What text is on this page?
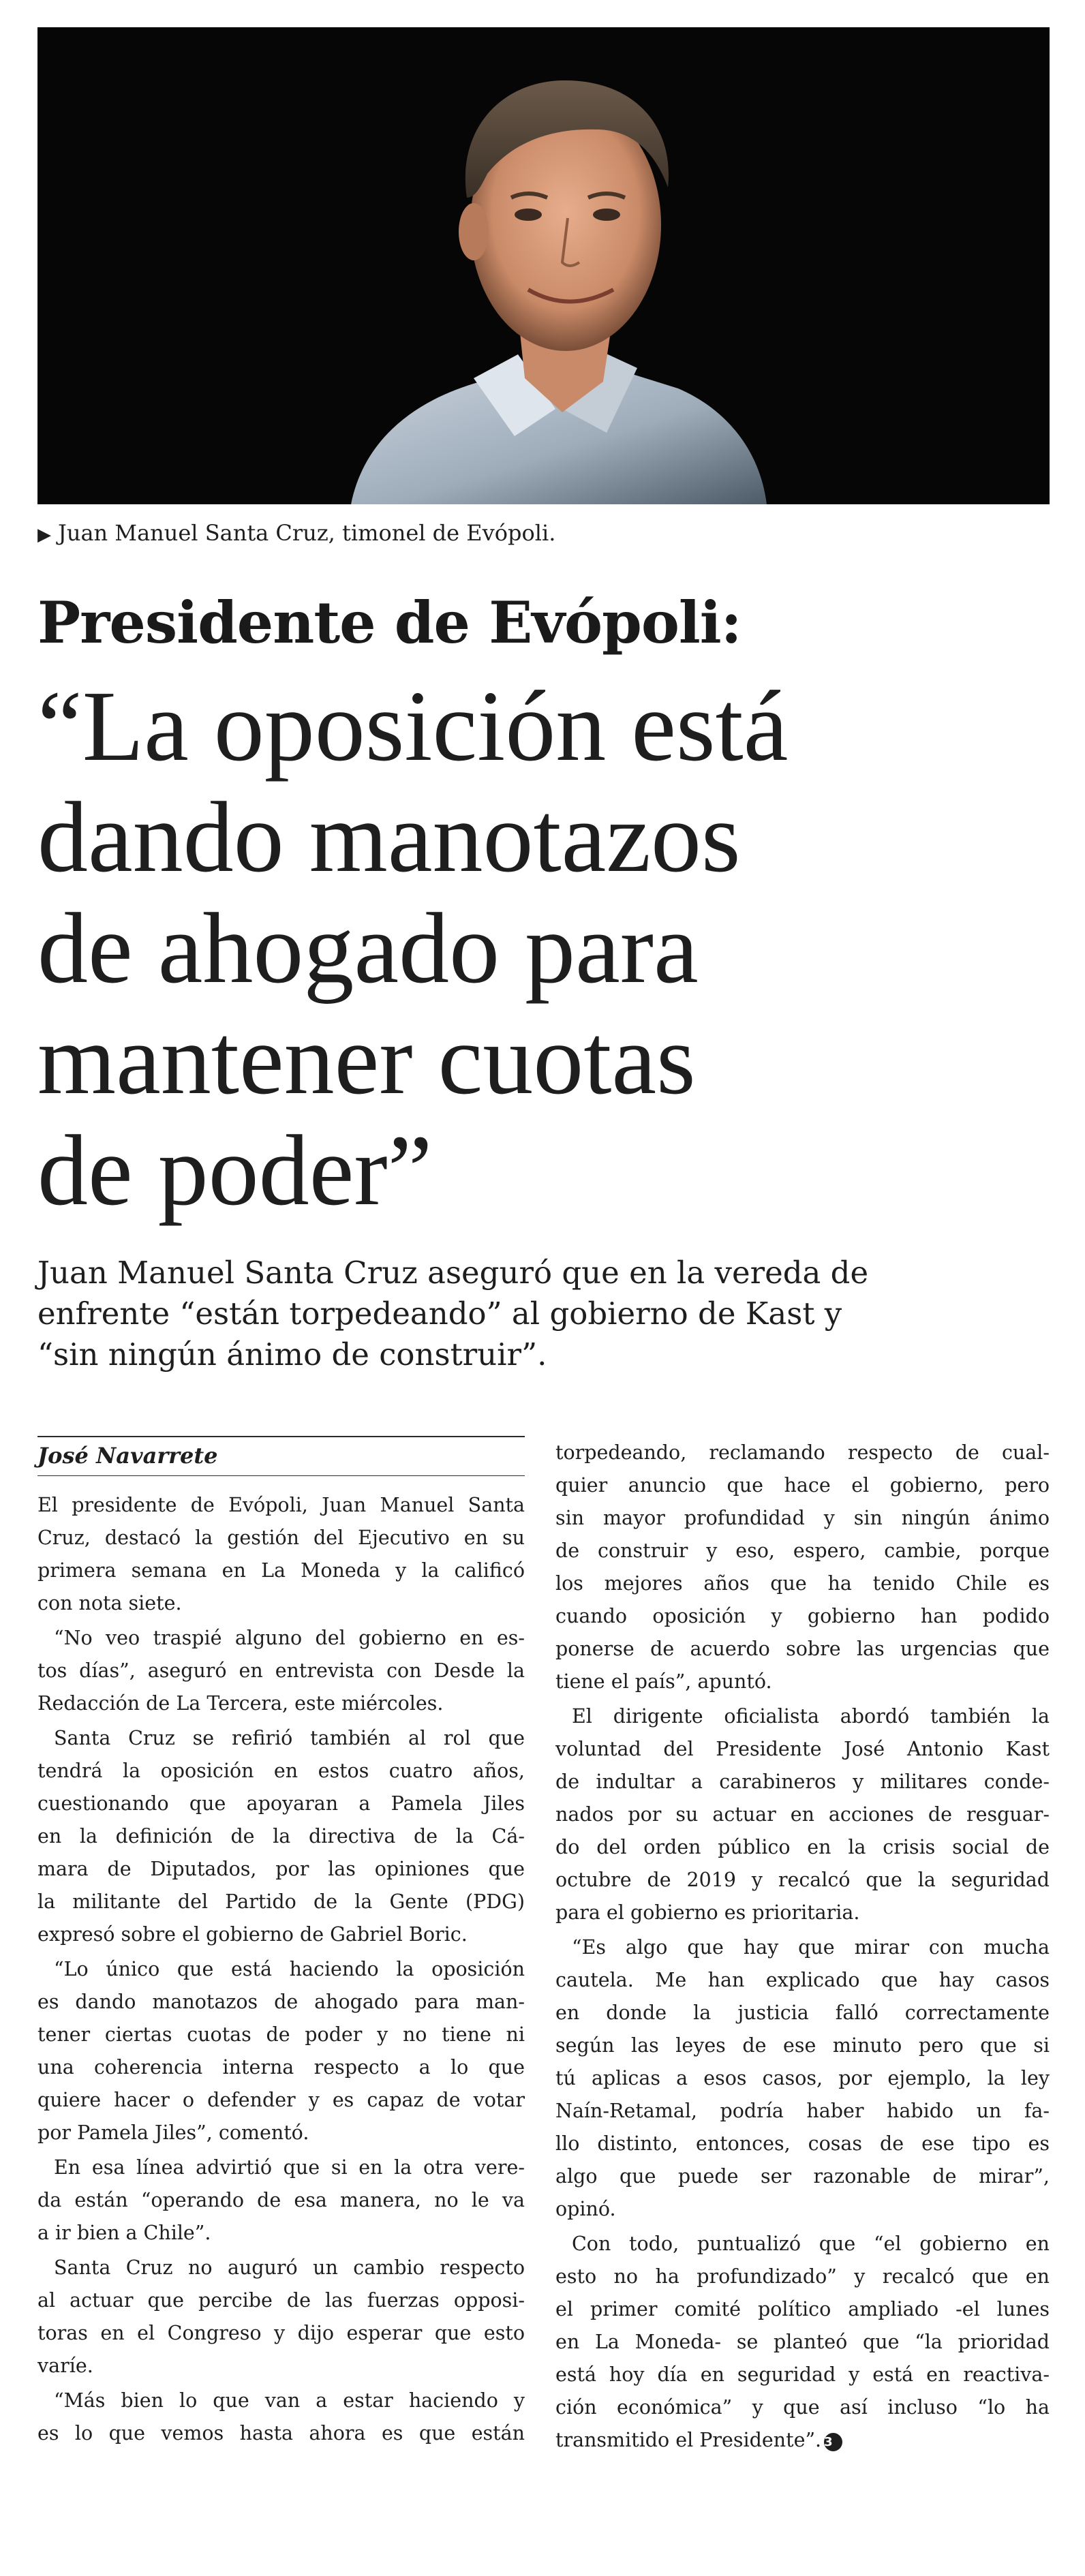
▶ Juan Manuel Santa Cruz, timonel de Evópoli.
Presidente de Evópoli:
“La oposición está
dando manotazos
de ahogado para
mantener cuotas
de poder”
Juan Manuel Santa Cruz aseguró que en la vereda de
enfrente “están torpedeando” al gobierno de Kast y
“sin ningún ánimo de construir”.
José Navarrete

El presidente de Evópoli, Juan Manuel Santa
Cruz, destacó la gestión del Ejecutivo en su
primera semana en La Moneda y la calificó
con nota siete.

“No veo traspié alguno del gobierno en es-
tos días”, aseguró en entrevista con Desde la
Redacción de La Tercera, este miércoles.

Santa Cruz se refirió también al rol que
tendrá la oposición en estos cuatro años,
cuestionando que apoyaran a Pamela Jiles
en la definición de la directiva de la Cá-
mara de Diputados, por las opiniones que
la militante del Partido de la Gente (PDG)
expresó sobre el gobierno de Gabriel Boric.

“Lo único que está haciendo la oposición
es dando manotazos de ahogado para man-
tener ciertas cuotas de poder y no tiene ni
una coherencia interna respecto a lo que
quiere hacer o defender y es capaz de votar
por Pamela Jiles”, comentó.

En esa línea advirtió que si en la otra vere-
da están “operando de esa manera, no le va
a ir bien a Chile”.

Santa Cruz no auguró un cambio respecto
al actuar que percibe de las fuerzas opposi-
toras en el Congreso y dijo esperar que esto
varíe.

“Más bien lo que van a estar haciendo y
es lo que vemos hasta ahora es que están

torpedeando, reclamando respecto de cual-
quier anuncio que hace el gobierno, pero
sin mayor profundidad y sin ningún ánimo
de construir y eso, espero, cambie, porque
los mejores años que ha tenido Chile es
cuando oposición y gobierno han podido
ponerse de acuerdo sobre las urgencias que
tiene el país”, apuntó.

El dirigente oficialista abordó también la
voluntad del Presidente José Antonio Kast
de indultar a carabineros y militares conde-
nados por su actuar en acciones de resguar-
do del orden público en la crisis social de
octubre de 2019 y recalcó que la seguridad
para el gobierno es prioritaria.

“Es algo que hay que mirar con mucha
cautela. Me han explicado que hay casos
en donde la justicia falló correctamente
según las leyes de ese minuto pero que si
tú aplicas a esos casos, por ejemplo, la ley
Naín-Retamal, podría haber habido un fa-
llo distinto, entonces, cosas de ese tipo es
algo que puede ser razonable de mirar”,
opinó.

Con todo, puntualizó que “el gobierno en
esto no ha profundizado” y recalcó que en
el primer comité político ampliado -el lunes
en La Moneda- se planteó que “la prioridad
está hoy día en seguridad y está en reactiva-
ción económica” y que así incluso “lo ha
transmitido el Presidente”. 3
